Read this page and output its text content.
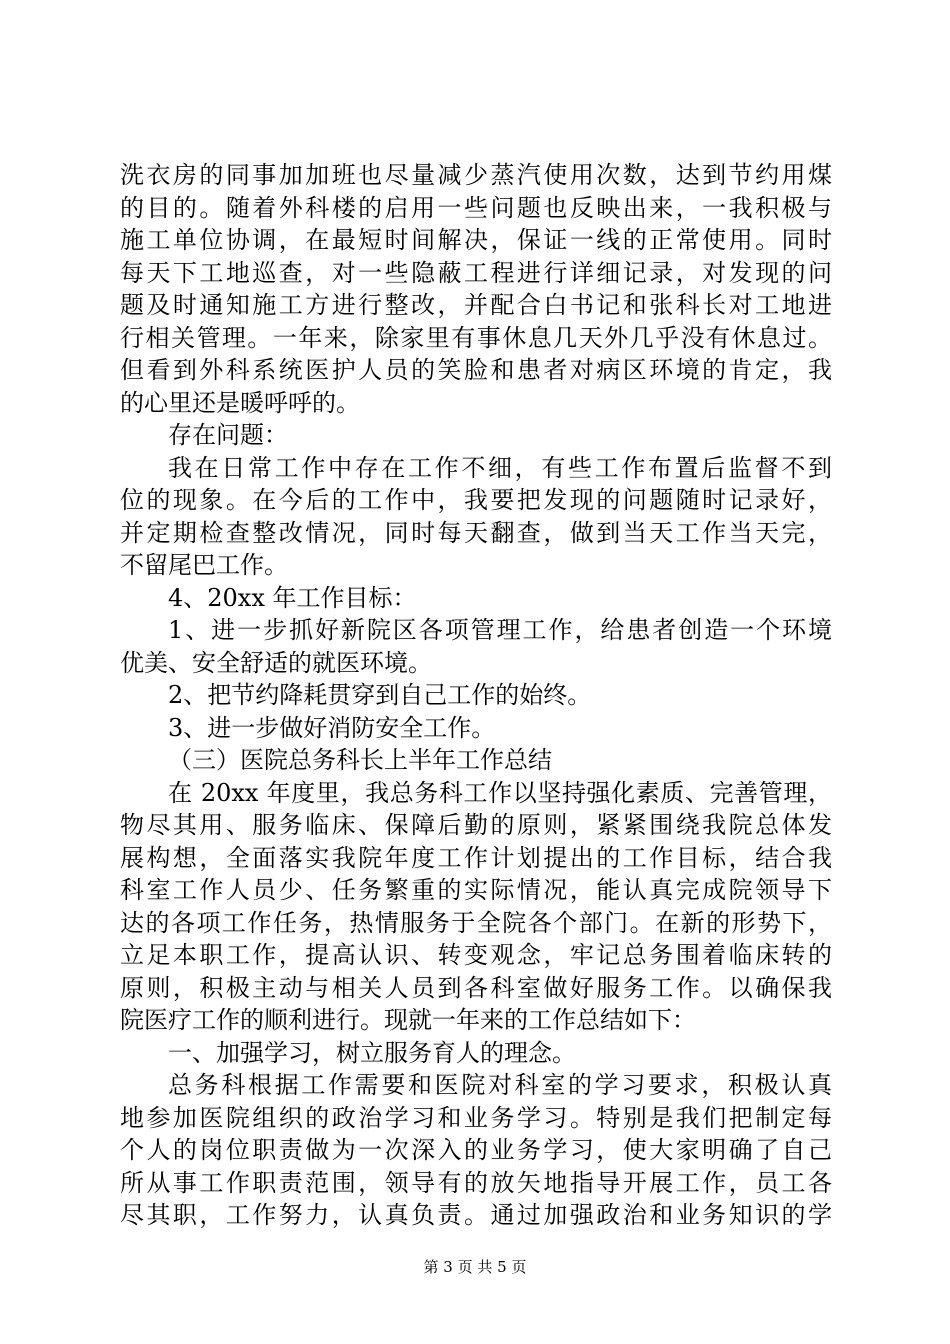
洗衣房的同事加加班也尽量减少蒸汽使用次数，达到节约用煤
的目的。随着外科楼的启用一些问题也反映出来，一我积极与
施工单位协调，在最短时间解决，保证一线的正常使用。同时
每天下工地巡查，对一些隐蔽工程进行详细记录，对发现的问
题及时通知施工方进行整改，并配合白书记和张科长对工地进
行相关管理。一年来，除家里有事休息几天外几乎没有休息过。
但看到外科系统医护人员的笑脸和患者对病区环境的肯定，我
的心里还是暖呼呼的。
存在问题：
我在日常工作中存在工作不细，有些工作布置后监督不到
位的现象。在今后的工作中，我要把发现的问题随时记录好，
并定期检查整改情况，同时每天翻查，做到当天工作当天完，
不留尾巴工作。
4、20xx 年工作目标：
1、进一步抓好新院区各项管理工作，给患者创造一个环境
优美、安全舒适的就医环境。
2、把节约降耗贯穿到自己工作的始终。
3、进一步做好消防安全工作。
（三）医院总务科长上半年工作总结
在 20xx 年度里，我总务科工作以坚持强化素质、完善管理，
物尽其用、服务临床、保障后勤的原则，紧紧围绕我院总体发
展构想，全面落实我院年度工作计划提出的工作目标，结合我
科室工作人员少、任务繁重的实际情况，能认真完成院领导下
达的各项工作任务，热情服务于全院各个部门。在新的形势下，
立足本职工作，提高认识、转变观念，牢记总务围着临床转的
原则，积极主动与相关人员到各科室做好服务工作。以确保我
院医疗工作的顺利进行。现就一年来的工作总结如下：
一、加强学习，树立服务育人的理念。
总务科根据工作需要和医院对科室的学习要求，积极认真
地参加医院组织的政治学习和业务学习。特别是我们把制定每
个人的岗位职责做为一次深入的业务学习，使大家明确了自己
所从事工作职责范围，领导有的放矢地指导开展工作，员工各
尽其职，工作努力，认真负责。通过加强政治和业务知识的学
第 3 页 共 5 页
